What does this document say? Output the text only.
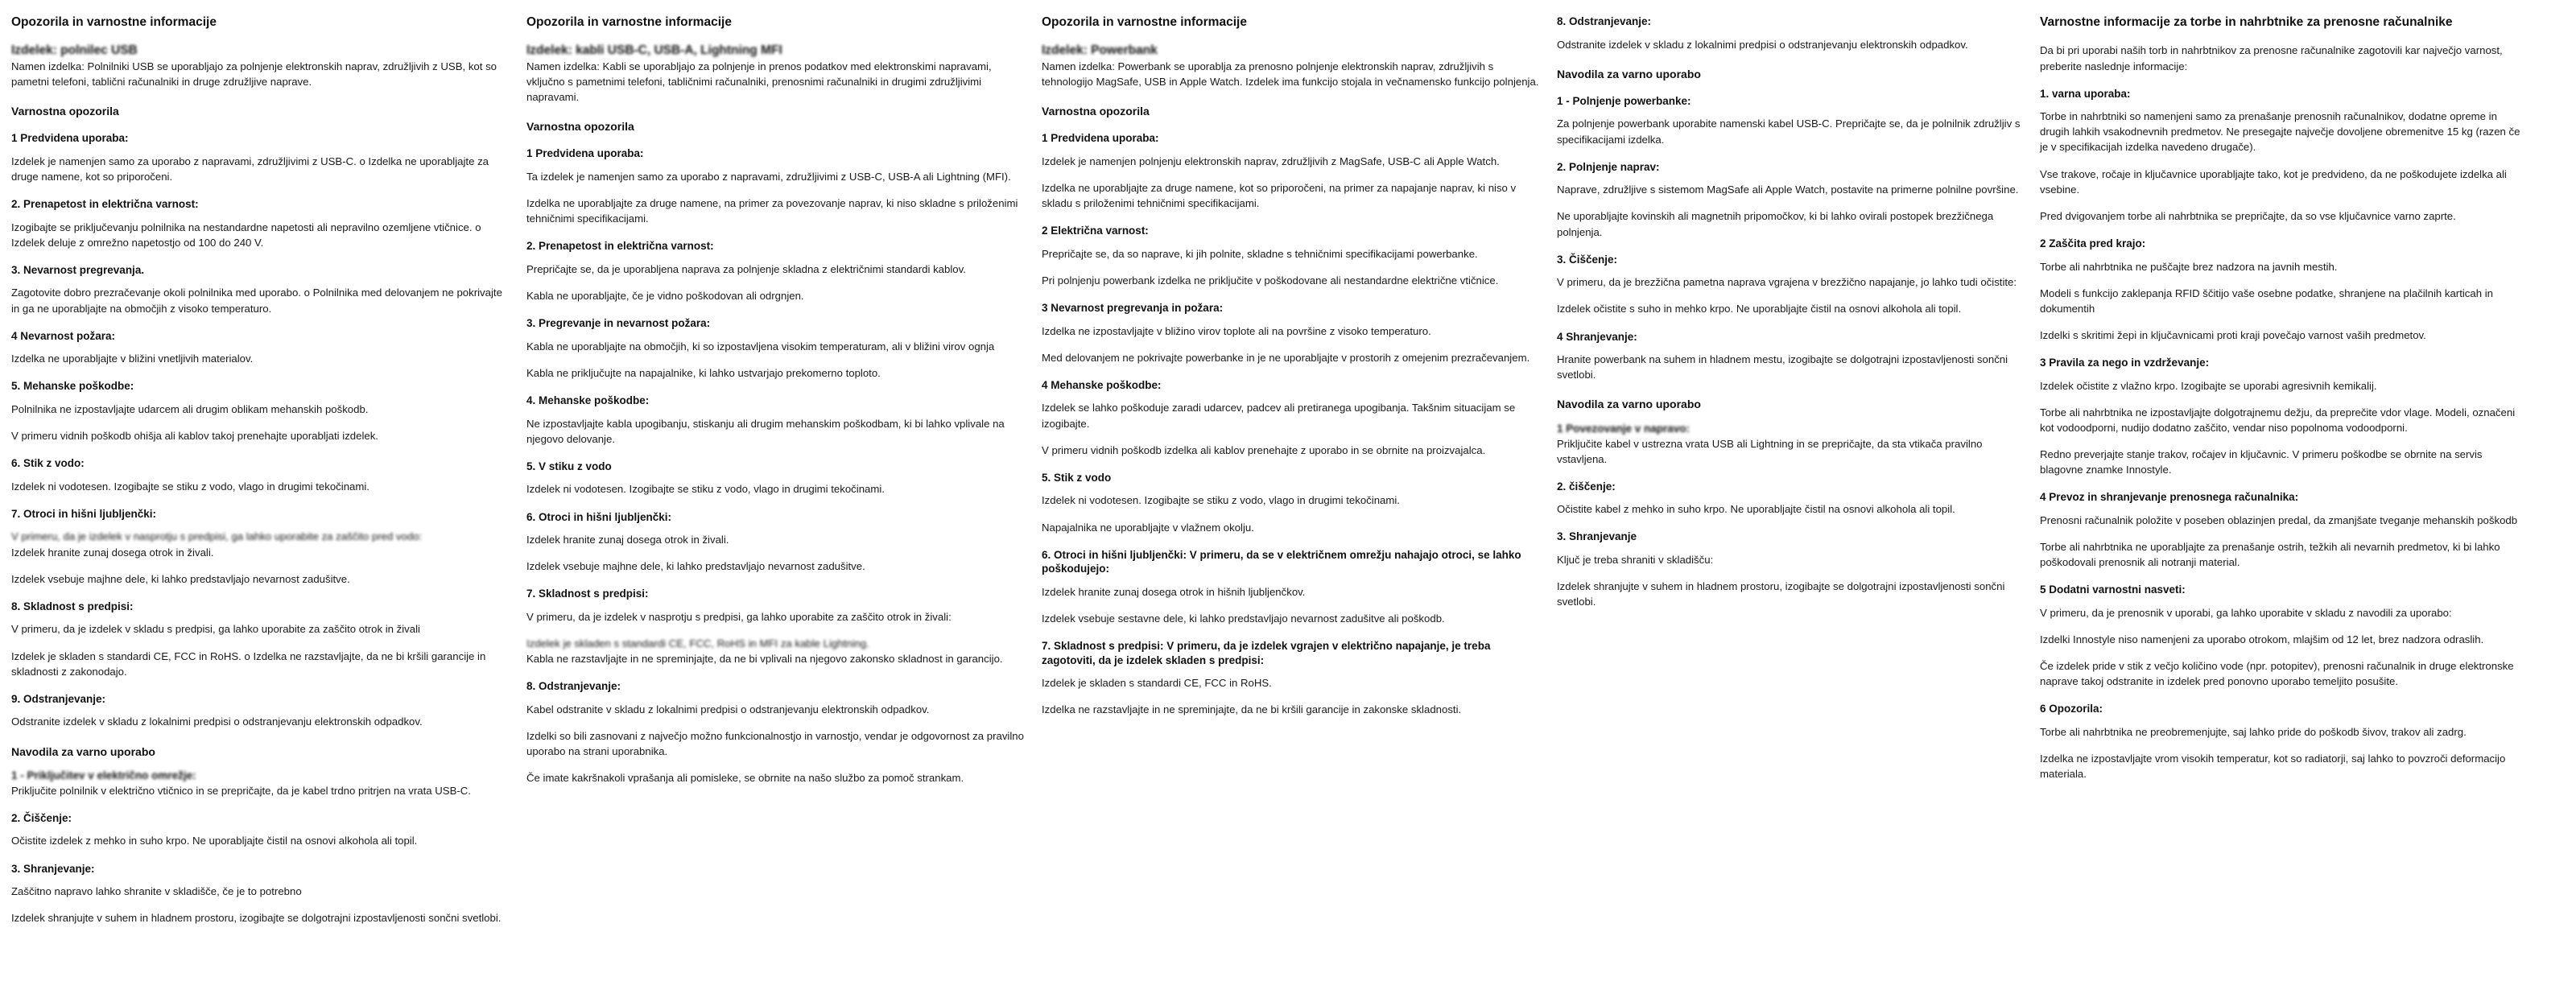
Opozorila in varnostne informacije
Izdelek: polnilec USB

Namen izdelka: Polnilniki USB se uporabljajo za polnjenje elektronskih naprav, združljivih z USB, kot so pametni telefoni, tablični računalniki in druge združljive naprave.

Varnostna opozorila
1 Predvidena uporaba:

Izdelek je namenjen samo za uporabo z napravami, združljivimi z USB-C. o Izdelka ne uporabljajte za druge namene, kot so priporočeni.

2. Prenapetost in električna varnost:

Izogibajte se priključevanju polnilnika na nestandardne napetosti ali nepravilno ozemljene vtičnice. o Izdelek deluje z omrežno napetostjo od 100 do 240 V.

3. Nevarnost pregrevanja.

Zagotovite dobro prezračevanje okoli polnilnika med uporabo. o Polnilnika med delovanjem ne pokrivajte in ga ne uporabljajte na območjih z visoko temperaturo.

4 Nevarnost požara:

Izdelka ne uporabljajte v bližini vnetljivih materialov.

5. Mehanske poškodbe:

Polnilnika ne izpostavljajte udarcem ali drugim oblikam mehanskih poškodb.

V primeru vidnih poškodb ohišja ali kablov takoj prenehajte uporabljati izdelek.

6. Stik z vodo:

Izdelek ni vodotesen. Izogibajte se stiku z vodo, vlago in drugimi tekočinami.

7. Otroci in hišni ljubljenčki:

V primeru, da je izdelek v nasprotju s predpisi, ga lahko uporabite za zaščito pred vodo:

Izdelek hranite zunaj dosega otrok in živali.

Izdelek vsebuje majhne dele, ki lahko predstavljajo nevarnost zadušitve.

8. Skladnost s predpisi:

V primeru, da je izdelek v skladu s predpisi, ga lahko uporabite za zaščito otrok in živali

Izdelek je skladen s standardi CE, FCC in RoHS. o Izdelka ne razstavljajte, da ne bi kršili garancije in skladnosti z zakonodajo.

9. Odstranjevanje:

Odstranite izdelek v skladu z lokalnimi predpisi o odstranjevanju elektronskih odpadkov.

Navodila za varno uporabo
1 - Priključitev v električno omrežje:

Priključite polnilnik v električno vtičnico in se prepričajte, da je kabel trdno pritrjen na vrata USB-C.

2. Čiščenje:

Očistite izdelek z mehko in suho krpo. Ne uporabljajte čistil na osnovi alkohola ali topil.

3. Shranjevanje:

Zaščitno napravo lahko shranite v skladišče, če je to potrebno

Izdelek shranjujte v suhem in hladnem prostoru, izogibajte se dolgotrajni izpostavljenosti sončni svetlobi.

Opozorila in varnostne informacije
Izdelek: kabli USB-C, USB-A, Lightning MFI

Namen izdelka: Kabli se uporabljajo za polnjenje in prenos podatkov med elektronskimi napravami, vključno s pametnimi telefoni, tabličnimi računalniki, prenosnimi računalniki in drugimi združljivimi napravami.

Varnostna opozorila
1 Predvidena uporaba:

Ta izdelek je namenjen samo za uporabo z napravami, združljivimi z USB-C, USB-A ali Lightning (MFI).

Izdelka ne uporabljajte za druge namene, na primer za povezovanje naprav, ki niso skladne s priloženimi tehničnimi specifikacijami.

2. Prenapetost in električna varnost:

Prepričajte se, da je uporabljena naprava za polnjenje skladna z električnimi standardi kablov.

Kabla ne uporabljajte, če je vidno poškodovan ali odrgnjen.

3. Pregrevanje in nevarnost požara:

Kabla ne uporabljajte na območjih, ki so izpostavljena visokim temperaturam, ali v bližini virov ognja

Kabla ne priključujte na napajalnike, ki lahko ustvarjajo prekomerno toploto.

4. Mehanske poškodbe:

Ne izpostavljajte kabla upogibanju, stiskanju ali drugim mehanskim poškodbam, ki bi lahko vplivale na njegovo delovanje.

5. V stiku z vodo

Izdelek ni vodotesen. Izogibajte se stiku z vodo, vlago in drugimi tekočinami.

6. Otroci in hišni ljubljenčki:

Izdelek hranite zunaj dosega otrok in živali.

Izdelek vsebuje majhne dele, ki lahko predstavljajo nevarnost zadušitve.

7. Skladnost s predpisi:

V primeru, da je izdelek v nasprotju s predpisi, ga lahko uporabite za zaščito otrok in živali:

Izdelek je skladen s standardi CE, FCC, RoHS in MFI za kable Lightning.

Kabla ne razstavljajte in ne spreminjajte, da ne bi vplivali na njegovo zakonsko skladnost in garancijo.

8. Odstranjevanje:

Kabel odstranite v skladu z lokalnimi predpisi o odstranjevanju elektronskih odpadkov.

Izdelki so bili zasnovani z največjo možno funkcionalnostjo in varnostjo, vendar je odgovornost za pravilno uporabo na strani uporabnika.

Če imate kakršnakoli vprašanja ali pomisleke, se obrnite na našo službo za pomoč strankam.

Opozorila in varnostne informacije
Izdelek: Powerbank

Namen izdelka: Powerbank se uporablja za prenosno polnjenje elektronskih naprav, združljivih s tehnologijo MagSafe, USB in Apple Watch. Izdelek ima funkcijo stojala in večnamensko funkcijo polnjenja.

Varnostna opozorila
1 Predvidena uporaba:

Izdelek je namenjen polnjenju elektronskih naprav, združljivih z MagSafe, USB-C ali Apple Watch.

Izdelka ne uporabljajte za druge namene, kot so priporočeni, na primer za napajanje naprav, ki niso v skladu s priloženimi tehničnimi specifikacijami.

2 Električna varnost:

Prepričajte se, da so naprave, ki jih polnite, skladne s tehničnimi specifikacijami powerbanke.

Pri polnjenju powerbank izdelka ne priključite v poškodovane ali nestandardne električne vtičnice.

3 Nevarnost pregrevanja in požara:

Izdelka ne izpostavljajte v bližino virov toplote ali na površine z visoko temperaturo.

Med delovanjem ne pokrivajte powerbanke in je ne uporabljajte v prostorih z omejenim prezračevanjem.

4 Mehanske poškodbe:

Izdelek se lahko poškoduje zaradi udarcev, padcev ali pretiranega upogibanja. Takšnim situacijam se izogibajte.

V primeru vidnih poškodb izdelka ali kablov prenehajte z uporabo in se obrnite na proizvajalca.

5. Stik z vodo

Izdelek ni vodotesen. Izogibajte se stiku z vodo, vlago in drugimi tekočinami.

Napajalnika ne uporabljajte v vlažnem okolju.

6. Otroci in hišni ljubljenčki: V primeru, da se v električnem omrežju nahajajo otroci, se lahko poškodujejo:

Izdelek hranite zunaj dosega otrok in hišnih ljubljenčkov.

Izdelek vsebuje sestavne dele, ki lahko predstavljajo nevarnost zadušitve ali poškodb.

7. Skladnost s predpisi: V primeru, da je izdelek vgrajen v električno napajanje, je treba zagotoviti, da je izdelek skladen s predpisi:

Izdelek je skladen s standardi CE, FCC in RoHS.

Izdelka ne razstavljajte in ne spreminjajte, da ne bi kršili garancije in zakonske skladnosti.

8. Odstranjevanje:

Odstranite izdelek v skladu z lokalnimi predpisi o odstranjevanju elektronskih odpadkov.

Navodila za varno uporabo
1 - Polnjenje powerbanke:

Za polnjenje powerbank uporabite namenski kabel USB-C. Prepričajte se, da je polnilnik združljiv s specifikacijami izdelka.

2. Polnjenje naprav:

Naprave, združljive s sistemom MagSafe ali Apple Watch, postavite na primerne polnilne površine.

Ne uporabljajte kovinskih ali magnetnih pripomočkov, ki bi lahko ovirali postopek brezžičnega polnjenja.

3. Čiščenje:

V primeru, da je brezžična pametna naprava vgrajena v brezžično napajanje, jo lahko tudi očistite:

Izdelek očistite s suho in mehko krpo. Ne uporabljajte čistil na osnovi alkohola ali topil.

4 Shranjevanje:

Hranite powerbank na suhem in hladnem mestu, izogibajte se dolgotrajni izpostavljenosti sončni svetlobi.

Navodila za varno uporabo
1 Povezovanje v napravo:

Priključite kabel v ustrezna vrata USB ali Lightning in se prepričajte, da sta vtikača pravilno vstavljena.

2. čiščenje:

Očistite kabel z mehko in suho krpo. Ne uporabljajte čistil na osnovi alkohola ali topil.

3. Shranjevanje

Ključ je treba shraniti v skladišču:

Izdelek shranjujte v suhem in hladnem prostoru, izogibajte se dolgotrajni izpostavljenosti sončni svetlobi.

Varnostne informacije za torbe in nahrbtnike za prenosne računalnike

Da bi pri uporabi naših torb in nahrbtnikov za prenosne računalnike zagotovili kar največjo varnost, preberite naslednje informacije:

1. varna uporaba:

Torbe in nahrbtniki so namenjeni samo za prenašanje prenosnih računalnikov, dodatne opreme in drugih lahkih vsakodnevnih predmetov. Ne presegajte največje dovoljene obremenitve 15 kg (razen če je v specifikacijah izdelka navedeno drugače).

Vse trakove, ročaje in ključavnice uporabljajte tako, kot je predvideno, da ne poškodujete izdelka ali vsebine.

Pred dvigovanjem torbe ali nahrbtnika se prepričajte, da so vse ključavnice varno zaprte.

2 Zaščita pred krajo:

Torbe ali nahrbtnika ne puščajte brez nadzora na javnih mestih.

Modeli s funkcijo zaklepanja RFID ščitijo vaše osebne podatke, shranjene na plačilnih karticah in dokumentih

Izdelki s skritimi žepi in ključavnicami proti kraji povečajo varnost vaših predmetov.

3 Pravila za nego in vzdrževanje:

Izdelek očistite z vlažno krpo. Izogibajte se uporabi agresivnih kemikalij.

Torbe ali nahrbtnika ne izpostavljajte dolgotrajnemu dežju, da preprečite vdor vlage. Modeli, označeni kot vodoodporni, nudijo dodatno zaščito, vendar niso popolnoma vodoodporni.

Redno preverjajte stanje trakov, ročajev in ključavnic. V primeru poškodbe se obrnite na servis blagovne znamke Innostyle.

4 Prevoz in shranjevanje prenosnega računalnika:

Prenosni računalnik položite v poseben oblazinjen predal, da zmanjšate tveganje mehanskih poškodb

Torbe ali nahrbtnika ne uporabljajte za prenašanje ostrih, težkih ali nevarnih predmetov, ki bi lahko poškodovali prenosnik ali notranji material.

5 Dodatni varnostni nasveti:

V primeru, da je prenosnik v uporabi, ga lahko uporabite v skladu z navodili za uporabo:

Izdelki Innostyle niso namenjeni za uporabo otrokom, mlajšim od 12 let, brez nadzora odraslih.

Če izdelek pride v stik z večjo količino vode (npr. potopitev), prenosni računalnik in druge elektronske naprave takoj odstranite in izdelek pred ponovno uporabo temeljito posušite.

6 Opozorila:

Torbe ali nahrbtnika ne preobremenjujte, saj lahko pride do poškodb šivov, trakov ali zadrg.

Izdelka ne izpostavljajte vrom visokih temperatur, kot so radiatorji, saj lahko to povzroči deformacijo materiala.
